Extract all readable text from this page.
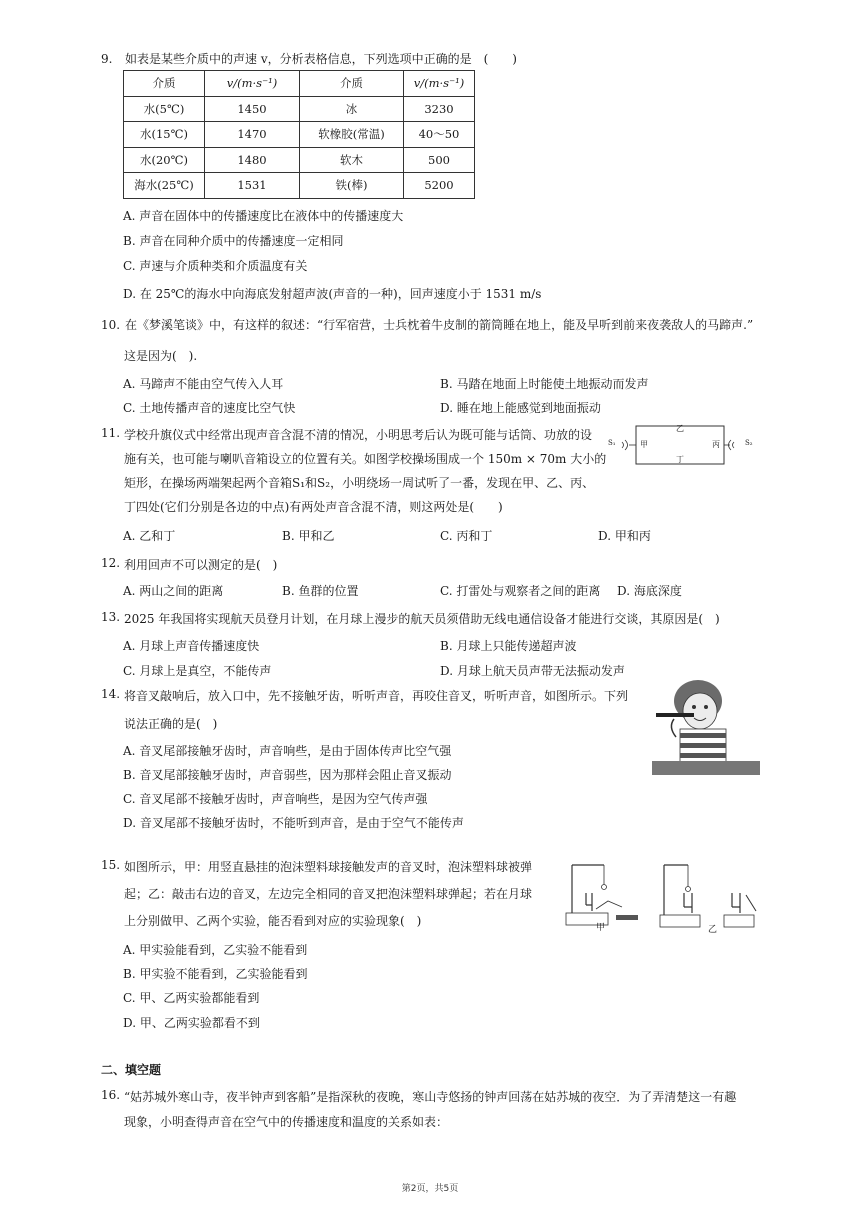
9. 如表是某些介质中的声速 v，分析表格信息，下列选项中正确的是　(　　)
介质	v/(m·s⁻¹)	介质	v/(m·s⁻¹)
水(5℃)	1450	冰	3230
水(15℃)	1470	软橡胶(常温)	40～50
水(20℃)	1480	软木	500
海水(25℃)	1531	铁(棒)	5200
A. 声音在固体中的传播速度比在液体中的传播速度大
B. 声音在同种介质中的传播速度一定相同
C. 声速与介质种类和介质温度有关
D. 在 25℃的海水中向海底发射超声波(声音的一种)，回声速度小于 1531 m/s
10. 在《梦溪笔谈》中，有这样的叙述：“行军宿营，士兵枕着牛皮制的箭筒睡在地上，能及早听到前来夜袭敌人的马蹄声.”
这是因为(　).
A. 马蹄声不能由空气传入人耳	B. 马踏在地面上时能使土地振动而发声
C. 土地传播声音的速度比空气快	D. 睡在地上能感觉到地面振动
11. 学校升旗仪式中经常出现声音含混不清的情况，小明思考后认为既可能与话筒、功放的设
施有关，也可能与喇叭音箱设立的位置有关。如图学校操场围成一个 150m × 70m 大小的
矩形，在操场两端架起两个音箱S₁和S₂，小明绕场一周试听了一番，发现在甲、乙、丙、
丁四处(它们分别是各边的中点)有两处声音含混不清，则这两处是(　　)
S₁	甲
乙
丙
丁
S₂
A. 乙和丁	B. 甲和乙	C. 丙和丁	D. 甲和丙
12. 利用回声不可以测定的是(　)
A. 两山之间的距离	B. 鱼群的位置	C. 打雷处与观察者之间的距离 D. 海底深度
13. 2025 年我国将实现航天员登月计划，在月球上漫步的航天员须借助无线电通信设备才能进行交谈，其原因是(　)
A. 月球上声音传播速度快	B. 月球上只能传递超声波
C. 月球上是真空，不能传声	D. 月球上航天员声带无法振动发声
14. 将音叉敲响后，放入口中，先不接触牙齿，听听声音，再咬住音叉，听听声音，如图所示。下列
说法正确的是(　)
A. 音叉尾部接触牙齿时，声音响些，是由于固体传声比空气强
B. 音叉尾部接触牙齿时，声音弱些，因为那样会阻止音叉振动
C. 音叉尾部不接触牙齿时，声音响些，是因为空气传声强
D. 音叉尾部不接触牙齿时，不能听到声音，是由于空气不能传声
15. 如图所示，甲：用竖直悬挂的泡沫塑料球接触发声的音叉时，泡沫塑料球被弹
起；乙：敲击右边的音叉，左边完全相同的音叉把泡沫塑料球弹起；若在月球
上分别做甲、乙两个实验，能否看到对应的实验现象(　)
A. 甲实验能看到，乙实验不能看到
B. 甲实验不能看到，乙实验能看到
C. 甲、乙两实验都能看到
D. 甲、乙两实验都看不到
甲	乙
二、填空题
16. “姑苏城外寒山寺，夜半钟声到客船”是指深秋的夜晚，寒山寺悠扬的钟声回荡在姑苏城的夜空．为了弄清楚这一有趣
现象，小明查得声音在空气中的传播速度和温度的关系如表：
第2页，共5页
